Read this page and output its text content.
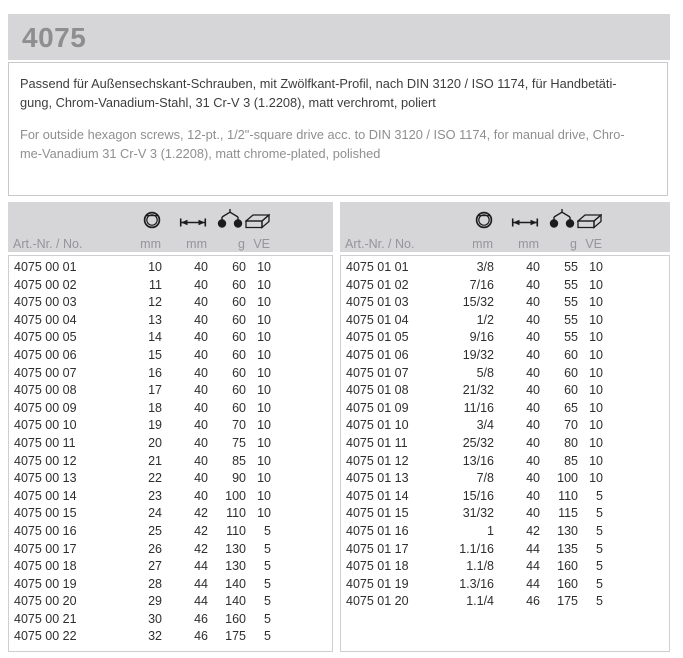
4075

Passend für Außensechskant-Schrauben, mit Zwölfkant-Profil, nach DIN 3120 / ISO 1174, für Handbetäti-
gung, Chrom-Vanadium-Stahl, 31 Cr-V 3 (1.2208), matt verchromt, poliert

For outside hexagon screws, 12-pt., 1/2"-square drive acc. to DIN 3120 / ISO 1174, for manual drive, Chro-
me-Vanadium 31 Cr-V 3 (1.2208), matt chrome-plated, polished

Art.-Nr. / No.	mm	mm	g	VE	
4075 00 01	10	40	60	10	
4075 00 02	11	40	60	10	
4075 00 03	12	40	60	10	
4075 00 04	13	40	60	10	
4075 00 05	14	40	60	10	
4075 00 06	15	40	60	10	
4075 00 07	16	40	60	10	
4075 00 08	17	40	60	10	
4075 00 09	18	40	60	10	
4075 00 10	19	40	70	10	
4075 00 11	20	40	75	10	
4075 00 12	21	40	85	10	
4075 00 13	22	40	90	10	
4075 00 14	23	40	100	10	
4075 00 15	24	42	110	10	
4075 00 16	25	42	110	5	
4075 00 17	26	42	130	5	
4075 00 18	27	44	130	5	
4075 00 19	28	44	140	5	
4075 00 20	29	44	140	5	
4075 00 21	30	46	160	5	
4075 00 22	32	46	175	5	

Art.-Nr. / No.	mm	mm	g	VE	
4075 01 01	3/8	40	55	10	
4075 01 02	7/16	40	55	10	
4075 01 03	15/32	40	55	10	
4075 01 04	1/2	40	55	10	
4075 01 05	9/16	40	55	10	
4075 01 06	19/32	40	60	10	
4075 01 07	5/8	40	60	10	
4075 01 08	21/32	40	60	10	
4075 01 09	11/16	40	65	10	
4075 01 10	3/4	40	70	10	
4075 01 11	25/32	40	80	10	
4075 01 12	13/16	40	85	10	
4075 01 13	7/8	40	100	10	
4075 01 14	15/16	40	110	5	
4075 01 15	31/32	40	115	5	
4075 01 16	1	42	130	5	
4075 01 17	1.1/16	44	135	5	
4075 01 18	1.1/8	44	160	5	
4075 01 19	1.3/16	44	160	5	
4075 01 20	1.1/4	46	175	5	
